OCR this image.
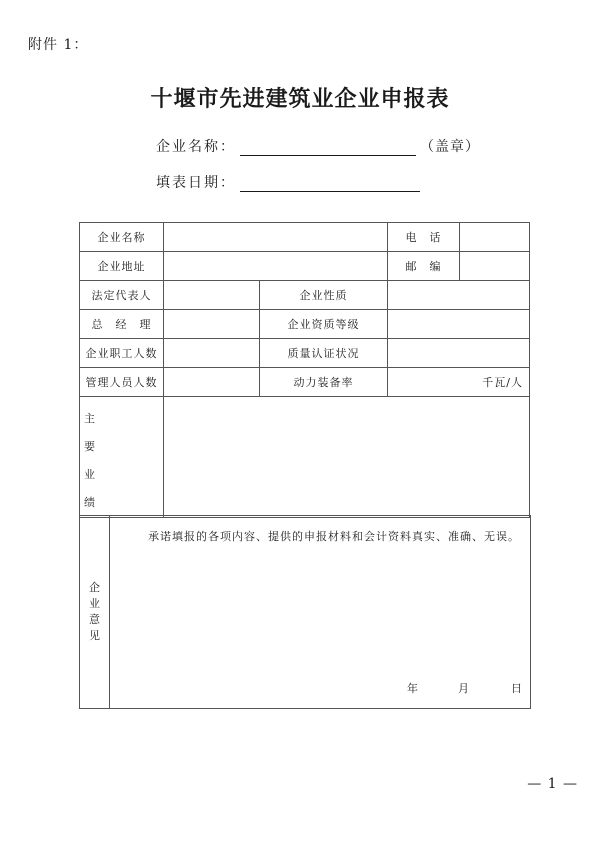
附件 1：
十堰市先进建筑业企业申报表
企业名称：	（盖章）
填表日期：
企业名称			电　话	
企业地址			邮　编	
法定代表人		企业性质		
总　经　理		企业资质等级		
企业职工人数		质量认证状况		
管理人员人数		动力装备率	千瓦/人	

主
要
业
绩				

企
业
意
见

承诺填报的各项内容、提供的申报材料和会计资料真实、准确、无误。
年	月	日
— 1 —
